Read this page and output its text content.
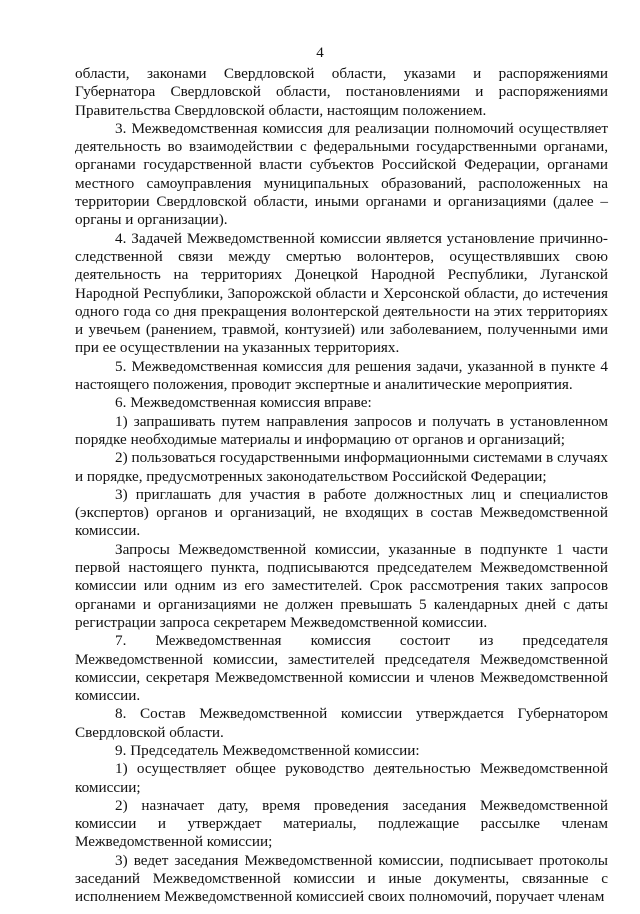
4

области, законами Свердловской области, указами и распоряжениями Губернатора Свердловской области, постановлениями и распоряжениями Правительства Свердловской области, настоящим положением.

3. Межведомственная комиссия для реализации полномочий осуществляет деятельность во взаимодействии с федеральными государственными органами, органами государственной власти субъектов Российской Федерации, органами местного самоуправления муниципальных образований, расположенных на территории Свердловской области, иными органами и организациями (далее – органы и организации).

4. Задачей Межведомственной комиссии является установление причинно-следственной связи между смертью волонтеров, осуществлявших свою деятельность на территориях Донецкой Народной Республики, Луганской Народной Республики, Запорожской области и Херсонской области, до истечения одного года со дня прекращения волонтерской деятельности на этих территориях и увечьем (ранением, травмой, контузией) или заболеванием, полученными ими при ее осуществлении на указанных территориях.

5. Межведомственная комиссия для решения задачи, указанной в пункте 4 настоящего положения, проводит экспертные и аналитические мероприятия.

6. Межведомственная комиссия вправе:

1) запрашивать путем направления запросов и получать в установленном порядке необходимые материалы и информацию от органов и организаций;

2) пользоваться государственными информационными системами в случаях и порядке, предусмотренных законодательством Российской Федерации;

3) приглашать для участия в работе должностных лиц и специалистов (экспертов) органов и организаций, не входящих в состав Межведомственной комиссии.

Запросы Межведомственной комиссии, указанные в подпункте 1 части первой настоящего пункта, подписываются председателем Межведомственной комиссии или одним из его заместителей. Срок рассмотрения таких запросов органами и организациями не должен превышать 5 календарных дней с даты регистрации запроса секретарем Межведомственной комиссии.

7. Межведомственная комиссия состоит из председателя Межведомственной комиссии, заместителей председателя Межведомственной комиссии, секретаря Межведомственной комиссии и членов Межведомственной комиссии.

8. Состав Межведомственной комиссии утверждается Губернатором Свердловской области.

9. Председатель Межведомственной комиссии:

1) осуществляет общее руководство деятельностью Межведомственной комиссии;

2) назначает дату, время проведения заседания Межведомственной комиссии и утверждает материалы, подлежащие рассылке членам Межведомственной комиссии;

3) ведет заседания Межведомственной комиссии, подписывает протоколы заседаний Межведомственной комиссии и иные документы, связанные с исполнением Межведомственной комиссией своих полномочий, поручает членам
